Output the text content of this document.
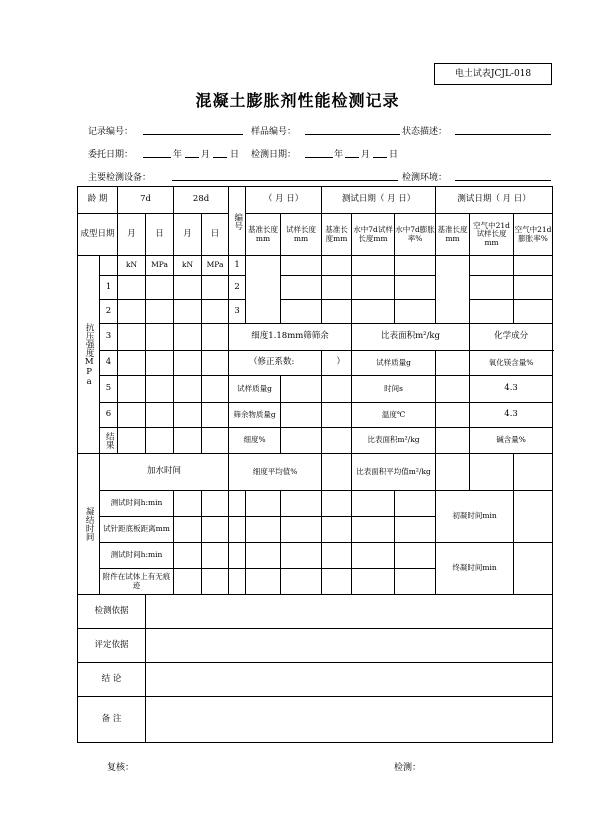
电土试表JCJL-018
混凝土膨胀剂性能检测记录
记录编号：	样品编号：	状态描述：
委托日期：	年 月 日 检测日期：	年 月 日
主要检测设备：	检测环境：
龄 期		7d		28d		编号	（ 月 日）		测试日期（ 月 日）			测试日期（ 月 日）			
成型日期		月	日	月	日		基准长度mm	试样长度mm	基准长度mm	水中7d试样长度mm	水中7d膨胀率%	基准长度mm	空气中21d试样长度mm	空气中21d膨胀率%	
抗压强度MPa		kN	MPa	kN	MPa	1									
	1					2									
	2					3									
	3					细度1.18mm筛筛余				比表面积m²/kg			化学成分		
	4					（修正系数:			）	试样质量g			氧化镁含量%		
	5					试样质量g				时间s			4.3	
	6					筛余物质量g				温度℃			4.3		
	结果					细度%				比表面积m²/kg			碱含量%		
凝结时间	加水时间					细度平均值%				比表面积平均值m²/kg					
	测试时间h:min											初凝时间min			
	试针距底板距离mm														
	测试时间h:min											终凝时间min			
	附件在试体上有无痕迹														
检测依据															
评定依据															
结 论															
备 注															
复核：	检测：
